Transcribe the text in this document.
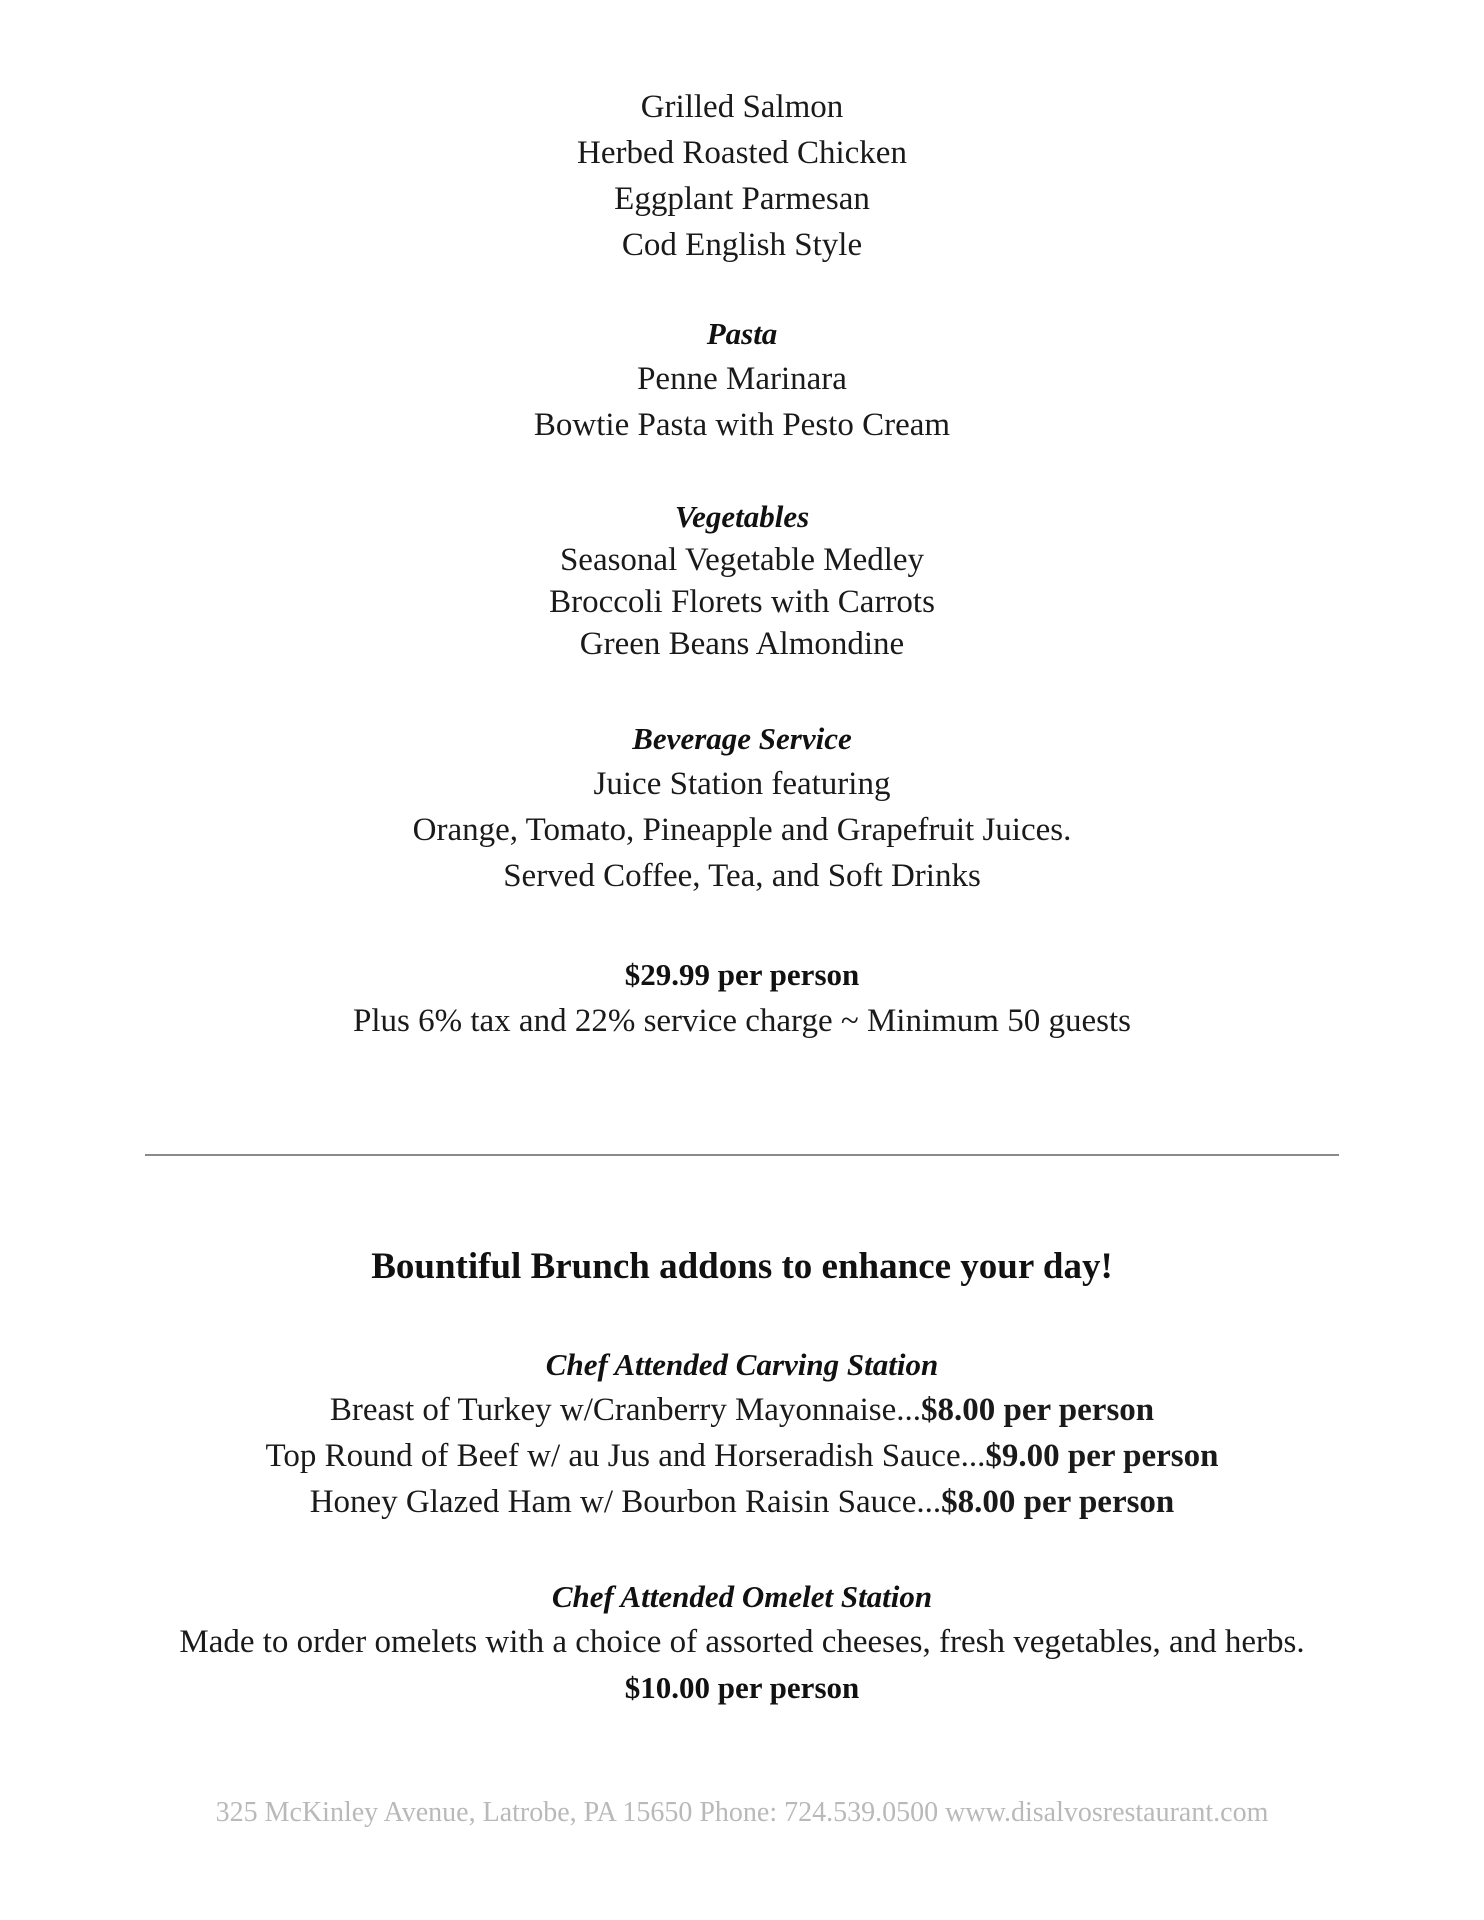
Grilled Salmon
Herbed Roasted Chicken
Eggplant Parmesan
Cod English Style
Pasta
Penne Marinara
Bowtie Pasta with Pesto Cream
Vegetables
Seasonal Vegetable Medley
Broccoli Florets with Carrots
Green Beans Almondine
Beverage Service
Juice Station featuring
Orange, Tomato, Pineapple and Grapefruit Juices.
Served Coffee, Tea, and Soft Drinks
$29.99 per person
Plus 6% tax and 22% service charge ~ Minimum 50 guests
Bountiful Brunch addons to enhance your day!
Chef Attended Carving Station
Breast of Turkey w/Cranberry Mayonnaise...$8.00 per person
Top Round of Beef w/ au Jus and Horseradish Sauce...$9.00 per person
Honey Glazed Ham w/ Bourbon Raisin Sauce...$8.00 per person
Chef Attended Omelet Station
Made to order omelets with a choice of assorted cheeses, fresh vegetables, and herbs.
$10.00 per person
325 McKinley Avenue, Latrobe, PA 15650 Phone: 724.539.0500 www.disalvosrestaurant.com
